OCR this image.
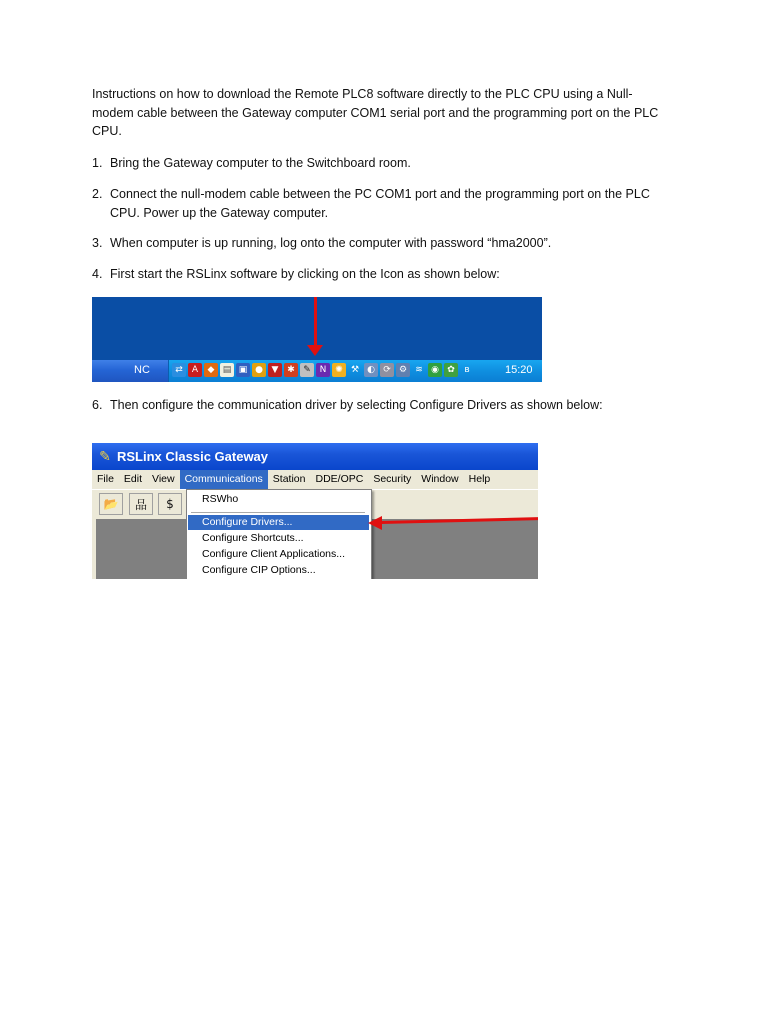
Instructions on how to download the Remote PLC8 software directly to the PLC CPU using a Null-modem cable between the Gateway computer COM1 serial port and the programming port on the PLC CPU.

1. Bring the Gateway computer to the Switchboard room.
2. Connect the null-modem cable between the PC COM1 port and the programming port on the PLC CPU. Power up the Gateway computer.
3. When computer is up running, log onto the computer with password “hma2000”.
4. First start the RSLinx software by clicking on the Icon as shown below:
NC	⇄	A	◆ ▤ ▣ ● ▼ ✱ ✎ N ✺ ⚒ ◐ ⟳ ⚙ ≋ ◉ ✿	ʙ	15:20
6. Then configure the communication driver by selecting Configure Drivers as shown below:
✎ RSLinx Classic Gateway
File Edit View Communications Station DDE/OPC Security Window Help
📂	品	$	RSWho
Configure Drivers...
Configure Shortcuts...
Configure Client Applications...
Configure CIP Options...
